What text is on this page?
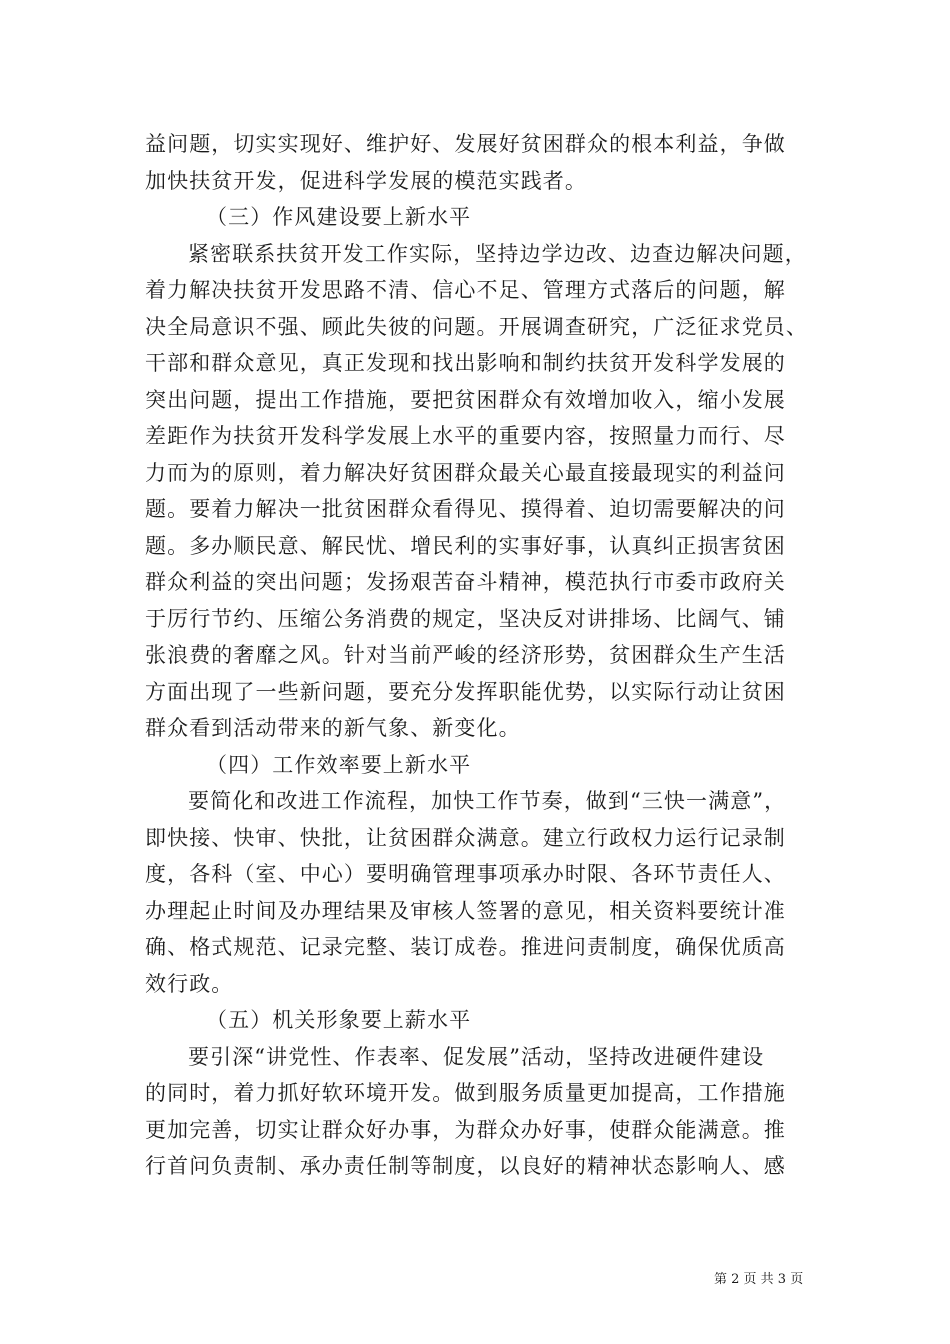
益问题，切实实现好、维护好、发展好贫困群众的根本利益，争做
加快扶贫开发，促进科学发展的模范实践者。
（三）作风建设要上新水平
紧密联系扶贫开发工作实际，坚持边学边改、边查边解决问题，
着力解决扶贫开发思路不清、信心不足、管理方式落后的问题，解
决全局意识不强、顾此失彼的问题。开展调查研究，广泛征求党员、
干部和群众意见，真正发现和找出影响和制约扶贫开发科学发展的
突出问题，提出工作措施，要把贫困群众有效增加收入，缩小发展
差距作为扶贫开发科学发展上水平的重要内容，按照量力而行、尽
力而为的原则，着力解决好贫困群众最关心最直接最现实的利益问
题。要着力解决一批贫困群众看得见、摸得着、迫切需要解决的问
题。多办顺民意、解民忧、增民利的实事好事，认真纠正损害贫困
群众利益的突出问题；发扬艰苦奋斗精神，模范执行市委市政府关
于厉行节约、压缩公务消费的规定，坚决反对讲排场、比阔气、铺
张浪费的奢靡之风。针对当前严峻的经济形势，贫困群众生产生活
方面出现了一些新问题，要充分发挥职能优势，以实际行动让贫困
群众看到活动带来的新气象、新变化。
（四）工作效率要上新水平
要简化和改进工作流程，加快工作节奏，做到“三快一满意”，
即快接、快审、快批，让贫困群众满意。建立行政权力运行记录制
度，各科（室、中心）要明确管理事项承办时限、各环节责任人、
办理起止时间及办理结果及审核人签署的意见，相关资料要统计准
确、格式规范、记录完整、装订成卷。推进问责制度，确保优质高
效行政。
（五）机关形象要上薪水平
要引深“讲党性、作表率、促发展”活动，坚持改进硬件建设
的同时，着力抓好软环境开发。做到服务质量更加提高，工作措施
更加完善，切实让群众好办事，为群众办好事，使群众能满意。推
行首问负责制、承办责任制等制度，以良好的精神状态影响人、感
第 2 页 共 3 页
